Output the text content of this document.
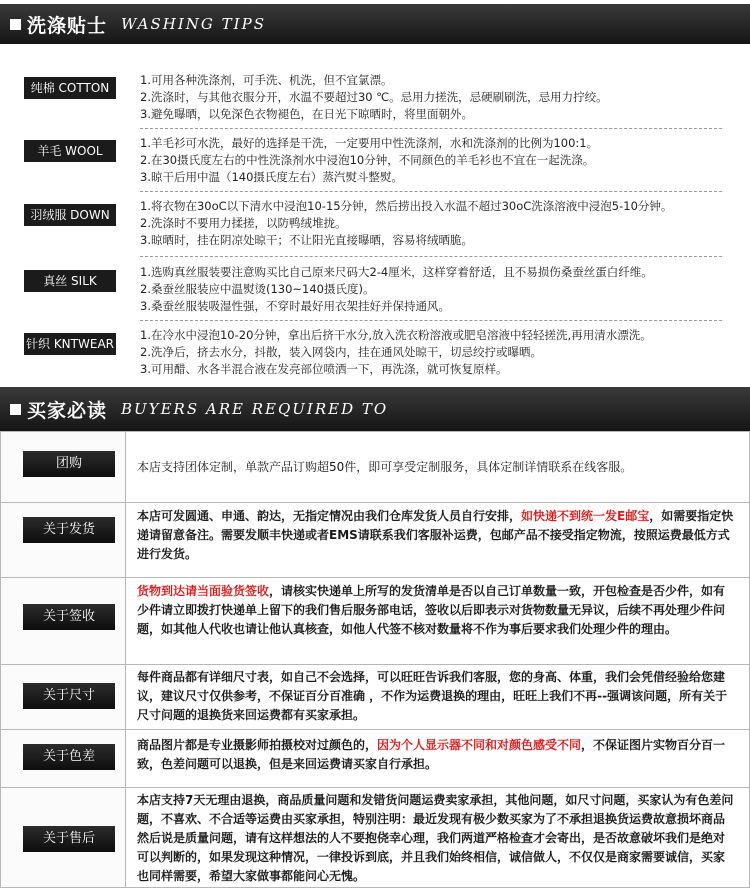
洗涤贴士 WASHING TIPS
纯棉 COTTON
1.可用各种洗涤剂，可手洗、机洗，但不宜氯漂。
2.洗涤时，与其他衣服分开，水温不要超过30 ℃。忌用力搓洗，忌硬刷刷洗，忌用力拧绞。
3.避免曝晒，以免深色衣物褪色，在日光下晾晒时，将里面朝外。
羊毛 WOOL
1.羊毛衫可水洗，最好的选择是干洗，一定要用中性洗涤剂，水和洗涤剂的比例为100:1。
2.在30摄氏度左右的中性洗涤剂水中浸泡10分钟，不同颜色的羊毛衫也不宜在一起洗涤。
3.晾干后用中温（140摄氏度左右）蒸汽熨斗整熨。
羽绒服 DOWN
1.将衣物在30oC以下清水中浸泡10-15分钟，然后捞出投入水温不超过30oC洗涤溶液中浸泡5-10分钟。
2.洗涤时不要用力揉搓，以防鸭绒堆拢。
3.晾晒时，挂在阴凉处晾干；不让阳光直接曝晒，容易将绒晒脆。
真丝 SILK
1.选购真丝服装要注意购买比自己原来尺码大2-4厘米，这样穿着舒适，且不易损伤桑蚕丝蛋白纤维。
2.桑蚕丝服装应中温熨烫(130~140摄氏度)。
3.桑蚕丝服装吸湿性强，不穿时最好用衣架挂好并保持通风。
针织 KNTWEAR
1.在冷水中浸泡10-20分钟，拿出后挤干水分,放入洗衣粉溶液或肥皂溶液中轻轻搓洗,再用清水漂洗。
2.洗净后，挤去水分，抖散，装入网袋内，挂在通风处晾干，切忌绞拧或曝晒。
3.可用醋、水各半混合液在发亮部位喷洒一下，再洗涤，就可恢复原样。
买家必读 BUYERS ARE REQUIRED TO
团购	本店支持团体定制，单款产品订购超50件，即可享受定制服务，具体定制详情联系在线客服。
关于发货
本店可发圆通、申通、韵达，无指定情况由我们仓库发货人员自行安排，如快递不到统一发E邮宝，如需要指定快递请留意备注。需要发顺丰快递或者EMS请联系我们客服补运费，包邮产品不接受指定物流，按照运费最低方式进行发货。
关于签收
货物到达请当面验货签收，请核实快递单上所写的发货清单是否以自己订单数量一致，开包检查是否少件，如有少件请立即拨打快递单上留下的我们售后服务部电话，签收以后即表示对货物数量无异议，后续不再处理少件问题，如其他人代收也请让他认真核查，如他人代签不核对数量将不作为事后要求我们处理少件的理由。
关于尺寸
每件商品都有详细尺寸表，如自己不会选择，可以旺旺告诉我们客服，您的身高、体重，我们会凭借经验给您建议，建议尺寸仅供参考，不保证百分百准确 ，不作为运费退换的理由，旺旺上我们不再--强调该问题，所有关于尺寸问题的退换货来回运费都有买家承担。
关于色差
商品图片都是专业摄影师拍摄校对过颜色的，因为个人显示器不同和对颜色感受不同，不保证图片实物百分百一致，色差问题可以退换，但是来回运费请买家自行承担。
关于售后
本店支持7天无理由退换，商品质量问题和发错货问题运费卖家承担，其他问题，如尺寸问题，买家认为有色差问题，不喜欢、不合适等运费由买家承担，特别注明：最近发现有极少数买家为了不承担退换货运费故意损坏商品然后说是质量问题，请有这样想法的人不要抱侥幸心理，我们两道严格检查才会寄出，是否故意破坏我们是绝对可以判断的，如果发现这种情况，一律投诉到底，并且我们始终相信，诚信做人，不仅仅是商家需要诚信，买家也同样需要，希望大家做事都能问心无愧。
